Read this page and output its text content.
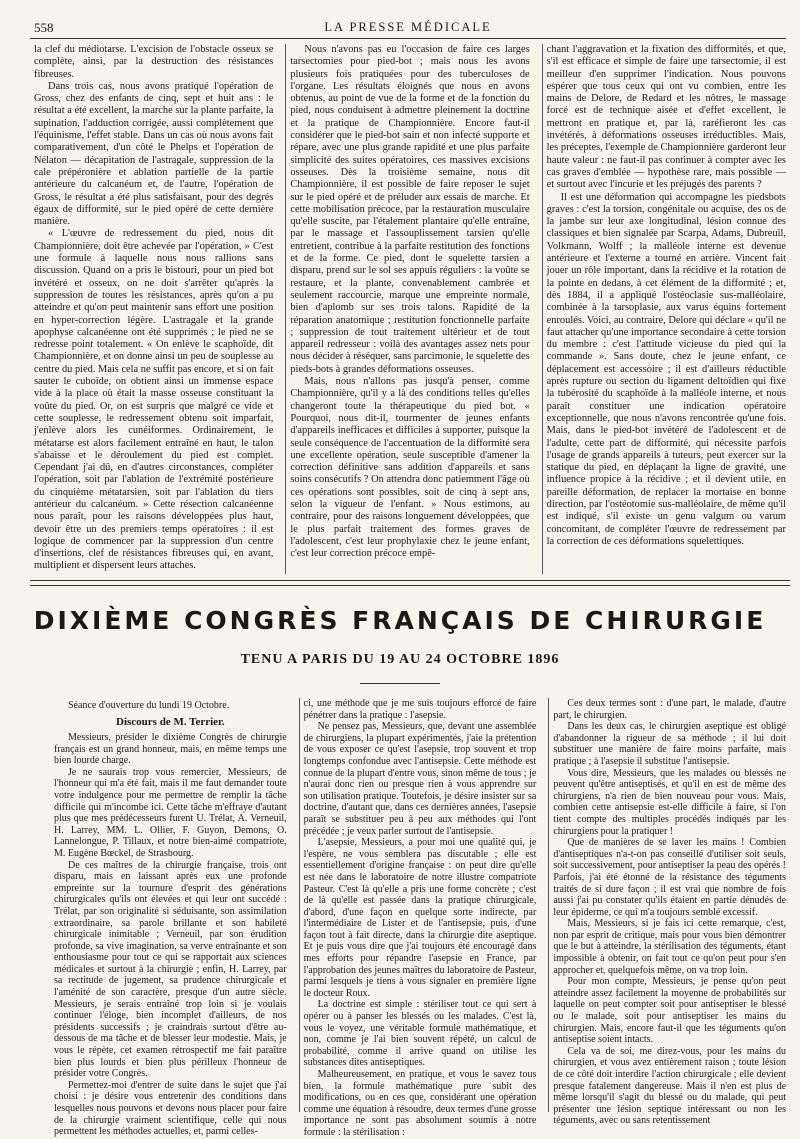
558	LA PRESSE MÉDICALE

la clef du médiotarse. L'excision de l'obstacle osseux se complète, ainsi, par la destruction des résistances fibreuses.

Dans trois cas, nous avons pratiqué l'opération de Gross, chez des enfants de cinq, sept et huit ans : le résultat a été excellent, la marche sur la plante parfaite, la supination, l'adduction corrigée, aussi complètement que l'équinisme, l'effet stable. Dans un cas où nous avons fait comparativement, d'un côté le Phelps et l'opération de Nélaton — décapitation de l'astragale, suppression de la cale prépéronière et ablation partielle de la partie antérieure du calcanéum et, de l'autre, l'opération de Gross, le résultat a été plus satisfaisant, pour des degrés égaux de difformité, sur le pied opéré de cette dernière manière.

« L'œuvre de redressement du pied, nous dit Championnière, doit être achevée par l'opération, » C'est une formule à laquelle nous nous rallions sans discussion. Quand on a pris le bistouri, pour un pied bot invétéré et osseux, on ne doit s'arrêter qu'après la suppression de toutes les résistances, après qu'on a pu atteindre et qu'on peut maintenir sans effort une position en hyper-correction légère. L'astragale et la grande apophyse calcanéenne ont été supprimés ; le pied ne se redresse point totalement. « On enlève le scaphoïde, dit Championnière, et on donne ainsi un peu de souplesse au centre du pied. Mais cela ne suffit pas encore, et si on fait sauter le cuboïde, on obtient ainsi un immense espace vide à la place où était la masse osseuse constituant la voûte du pied. Or, on est surpris que malgré ce vide et cette souplesse, le redressement obtenu soit imparfait, j'enlève alors les cunéiformes. Ordinairement, le métatarse est alors facilement entraîné en haut, le talon s'abaisse et le déroulement du pied est complet. Cependant j'ai dû, en d'autres circonstances, compléter l'opération, soit par l'ablation de l'extrémité postérieure du cinquième métatarsien, soit par l'ablation du tiers antérieur du calcanéum. » Cette résection calcanéenne nous paraît, pour les raisons développées plus haut, devoir être un des premiers temps opératoires : il est logique de commencer par la suppression d'un centre d'insertions, clef de résistances fibreuses qui, en avant, multiplient et dispersent leurs attaches.

Nous n'avons pas eu l'occasion de faire ces larges tarsectomies pour pied-bot ; mais nous les avons plusieurs fois pratiquées pour des tuberculoses de l'organe. Les résultats éloignés que nous en avons obtenus, au point de vue de la forme et de la fonction du pied, nous conduisent à admettre pleinement la doctrine et la pratique de Championnière. Encore faut-il considérer que le pied-bot sain et non infecté supporte et répare, avec une plus grande rapidité et une plus parfaite simplicité des suites opératoires, ces massives excisions osseuses. Dès la troisième semaine, nous dit Championnière, il est possible de faire reposer le sujet sur le pied opéré et de préluder aux essais de marche. Et cette mobilisation précoce, par la restauration musculaire qu'elle suscite, par l'étalement plantaire qu'elle entraîne, par le massage et l'assouplissement tarsien qu'elle entretient, contribue à la parfaite restitution des fonctions et de la forme. Ce pied, dont le squelette tarsien a disparu, prend sur le sol ses appuis réguliers : la voûte se restaure, et la plante, convenablement cambrée et seulement raccourcie, marque une empreinte normale, bien d'aplomb sur ses trois talons. Rapidité de la réparation anatomique ; restitution fonctionnelle parfaite ; suppression de tout traitement ultérieur et de tout appareil redresseur : voilà des avantages assez nets pour nous décider à réséquer, sans parcimonie, le squelette des pieds-bots à grandes déformations osseuses.

Mais, nous n'allons pas jusqu'à penser, comme Championnière, qu'il y a là des conditions telles qu'elles changeront toute la thérapeutique du pied bot. « Pourquoi, nous dit-il, tourmenter de jeunes enfants d'appareils inefficaces et difficiles à supporter, puisque la seule conséquence de l'accentuation de la difformité sera une excellente opération, seule susceptible d'amener la correction définitive sans addition d'appareils et sans soins consécutifs ? On attendra donc patiemment l'âge où ces opérations sont possibles, soit de cinq à sept ans, selon la vigueur de l'enfant. » Nous estimons, au contraire, pour des raisons longuement développées, que le plus parfait traitement des formes graves de l'adolescent, c'est leur prophylaxie chez le jeune enfant, c'est leur correction précoce empê-

chant l'aggravation et la fixation des difformités, et que, s'il est efficace et simple de faire une tarsectomie, il est meilleur d'en supprimer l'indication. Nous pouvons espérer que tous ceux qui ont vu combien, entre les mains de Delore, de Redard et les nôtres, le massage forcé est de technique aisée et d'effet excellent, le mettront en pratique et, par là, raréfieront les cas invétérés, à déformations osseuses irréductibles. Mais, les préceptes, l'exemple de Championnière garderont leur haute valeur : ne faut-il pas continuer à compter avec les cas graves d'emblée — hypothèse rare, mais possible — et surtout avec l'incurie et les préjugés des parents ?

Il est une déformation qui accompagne les piedsbots graves : c'est la torsion, congénitale ou acquise, des os de la jambe sur leur axe longitudinal, lésion connue des classiques et bien signalée par Scarpa, Adams, Dubreuil, Volkmann, Wolff ; la malléole interne est devenue antérieure et l'externe a tourné en arrière. Vincent fait jouer un rôle important, dans la récidive et la rotation de la pointe en dedans, à cet élément de la difformité ; et, dès 1884, il a appliqué l'ostéoclasie sus-malléolaire, combinée à la tarsoplasie, aux varus équins fortement enroulés. Voici, au contraire, Delore qui déclare « qu'il ne faut attacher qu'une importance secondaire à cette torsion du membre : c'est l'attitude vicieuse du pied qui la commande ». Sans doute, chez le jeune enfant, ce déplacement est accessoire ; il est d'ailleurs réductible après rupture ou section du ligament deltoïdien qui fixe la tubérosité du scaphoïde à la malléole interne, et nous paraît constituer une indication opératoire exceptionnelle, que nous n'avons rencontrée qu'une fois. Mais, dans le pied-bot invétéré de l'adolescent et de l'adulte, cette part de difformité, qui nécessite parfois l'usage de grands appareils à tuteurs, peut exercer sur la statique du pied, en déplaçant la ligne de gravité, une influence propice à la récidive ; et il devient utile, en pareille déformation, de replacer la mortaise en bonne direction, par l'ostéotomie sus-malléolaire, de même qu'il est indiqué, s'il existe un genu valgum ou varum concomitant, de compléter l'œuvre de redressement par la correction de ces déformations squelettiques.

DIXIÈME CONGRÈS FRANÇAIS DE CHIRURGIE
TENU A PARIS DU 19 AU 24 OCTOBRE 1896
Séance d'ouverture du lundi 19 Octobre.
Discours de M. Terrier.

Messieurs, présider le dixième Congrès de chirurgie français est un grand honneur, mais, en même temps une bien lourde charge.

Je ne saurais trop vous remercier, Messieurs, de l'honneur qui m'a été fait, mais il me faut demander toute votre indulgence pour me permettre de remplir la tâche difficile qui m'incombe ici. Cette tâche m'effraye d'autant plus que mes prédécesseurs furent U. Trélat, A. Verneuil, H. Larrey, MM. L. Ollier, F. Guyon, Demons, O. Lannelongue, P. Tillaux, et notre bien-aimé compatriote, M. Eugène Bœckel, de Strasbourg.

De ces maîtres de la chirurgie française, trois ont disparu, mais en laissant après eux une profonde empreinte sur la tournure d'esprit des générations chirurgicales qu'ils ont élevées et qui leur ont succédé : Trélat, par son originalité si séduisante, son assimilation extraordinaire, sa parole brillante et son habileté chirurgicale inimitable ; Verneuil, par son érudition profonde, sa vive imagination, sa verve entraînante et son enthousiasme pour tout ce qui se rapportait aux sciences médicales et surtout à la chirurgie ; enfin, H. Larrey, par sa rectitude de jugement, sa prudence chirurgicale et l'aménité de son caractère, presque d'un autre siècle. Messieurs, je serais entraîné trop loin si je voulais continuer l'éloge, bien incomplet d'ailleurs, de nos présidents successifs ; je craindrais surtout d'être au-dessous de ma tâche et de blesser leur modestie. Mais, je vous le répète, cet examen rétrospectif me fait paraître bien plus lourds et bien plus périlleux l'honneur de présider votre Congrès.

Permettez-moi d'entrer de suite dans le sujet que j'ai choisi : je désire vous entretenir des conditions dans lesquelles nous pouvons et devons nous placer pour faire de la chirurgie vraiment scientifique, celle qui nous permettent les méthodes actuelles, et, parmi celles-

ci, une méthode que je me suis toujours efforcé de faire pénétrer dans la pratique : l'asepsie.

Ne pensez pas, Messieurs, que, devant une assemblée de chirurgiens, la plupart expérimentés, j'aie la prétention de vous exposer ce qu'est l'asepsie, trop souvent et trop longtemps confondue avec l'antisepsie. Cette méthode est connue de la plupart d'entre vous, sinon même de tous ; je n'aurai donc rien ou presque rien à vous apprendre sur son utilisation pratique. Toutefois, je désire insister sur sa doctrine, d'autant que, dans ces dernières années, l'asepsie paraît se substituer peu à peu aux méthodes qui l'ont précédée ; je veux parler surtout de l'antisepsie.

L'asepsie, Messieurs, a pour moi une qualité qui, je l'espère, ne vous semblera pas discutable ; elle est essentiellement d'origine française : on peut dire qu'elle est née dans le laboratoire de notre illustre compatriote Pasteur. C'est là qu'elle a pris une forme concrète ; c'est de là qu'elle est passée dans la pratique chirurgicale, d'abord, d'une façon en quelque sorte indirecte, par l'intermédiaire de Lister et de l'antisepsie, puis, d'une façon tout à fait directe, dans la chirurgie dite aseptique. Et je puis vous dire que j'ai toujours été encouragé dans mes efforts pour répandre l'asepsie en France, par l'approbation des jeunes maîtres du laboratoire de Pasteur, parmi lesquels je tiens à vous signaler en première ligne le docteur Roux.

La doctrine est simple : stériliser tout ce qui sert à opérer ou à panser les blessés ou les malades. C'est là, vous le voyez, une véritable formule mathématique, et non, comme je l'ai bien souvent répété, un calcul de probabilité, comme il arrive quand on utilise les substances dites antiseptiques.

Malheureusement, en pratique, et vous le savez tous bien, la formule mathématique pure subit des modifications, ou en ces que, considérant une opération comme une équation à résoudre, deux termes d'une grosse importance ne sont pas absolument soumis à notre formule : la stérilisation :

Ces deux termes sont : d'une part, le malade, d'autre part, le chirurgien.

Dans les deux cas, le chirurgien aseptique est obligé d'abandonner la rigueur de sa méthode ; il lui doit substituer une manière de faire moins parfaite, mais pratique ; à l'asepsie il substitue l'antisepsie.

Vous dire, Messieurs, que les malades ou blessés ne peuvent qu'être antiseptisés, et qu'il en est de même des chirurgiens, n'a rien de bien nouveau pour vous. Mais, combien cette antisepsie est-elle difficile à faire, si l'on tient compte des multiples procédés indiqués par les chirurgiens pour la pratiquer !

Que de manières de se laver les mains ! Combien d'antiseptiques n'a-t-on pas conseillé d'utiliser soit seuls, soit successivement, pour antiseptiser la peau des opérés ! Parfois, j'ai été étonné de la résistance des téguments traités de si dure façon ; il est vrai que nombre de fois aussi j'ai pu constater qu'ils étaient en partie dénudés de leur épiderme, ce qui m'a toujours semblé excessif.

Mais, Messieurs, si je fais ici cette remarque, c'est, non par esprit de critique, mais pour vous bien démontrer que le but à atteindre, la stérilisation des téguments, étant impossible à obtenir, on fait tout ce qu'on peut pour s'en approcher et, quelquefois même, on va trop loin.

Pour mon compte, Messieurs, je pense qu'on peut atteindre assez facilement la moyenne de probabilités sur laquelle on peut compter soit pour antiseptiser le blessé ou le malade, soit pour antiseptiser les mains du chirurgien. Mais, encore faut-il que les téguments qu'on antiseptise soient intacts.

Cela va de soi, me direz-vous, pour les mains du chirurgien, et vous avez entièrement raison ; toute lésion de ce côté doit interdire l'action chirurgicale ; elle devient presque fatalement dangereuse. Mais il n'en est plus de même lorsqu'il s'agit du blessé ou du malade, qui peut présenter une lésion septique intéressant ou non les téguments, avec ou sans retentissement
